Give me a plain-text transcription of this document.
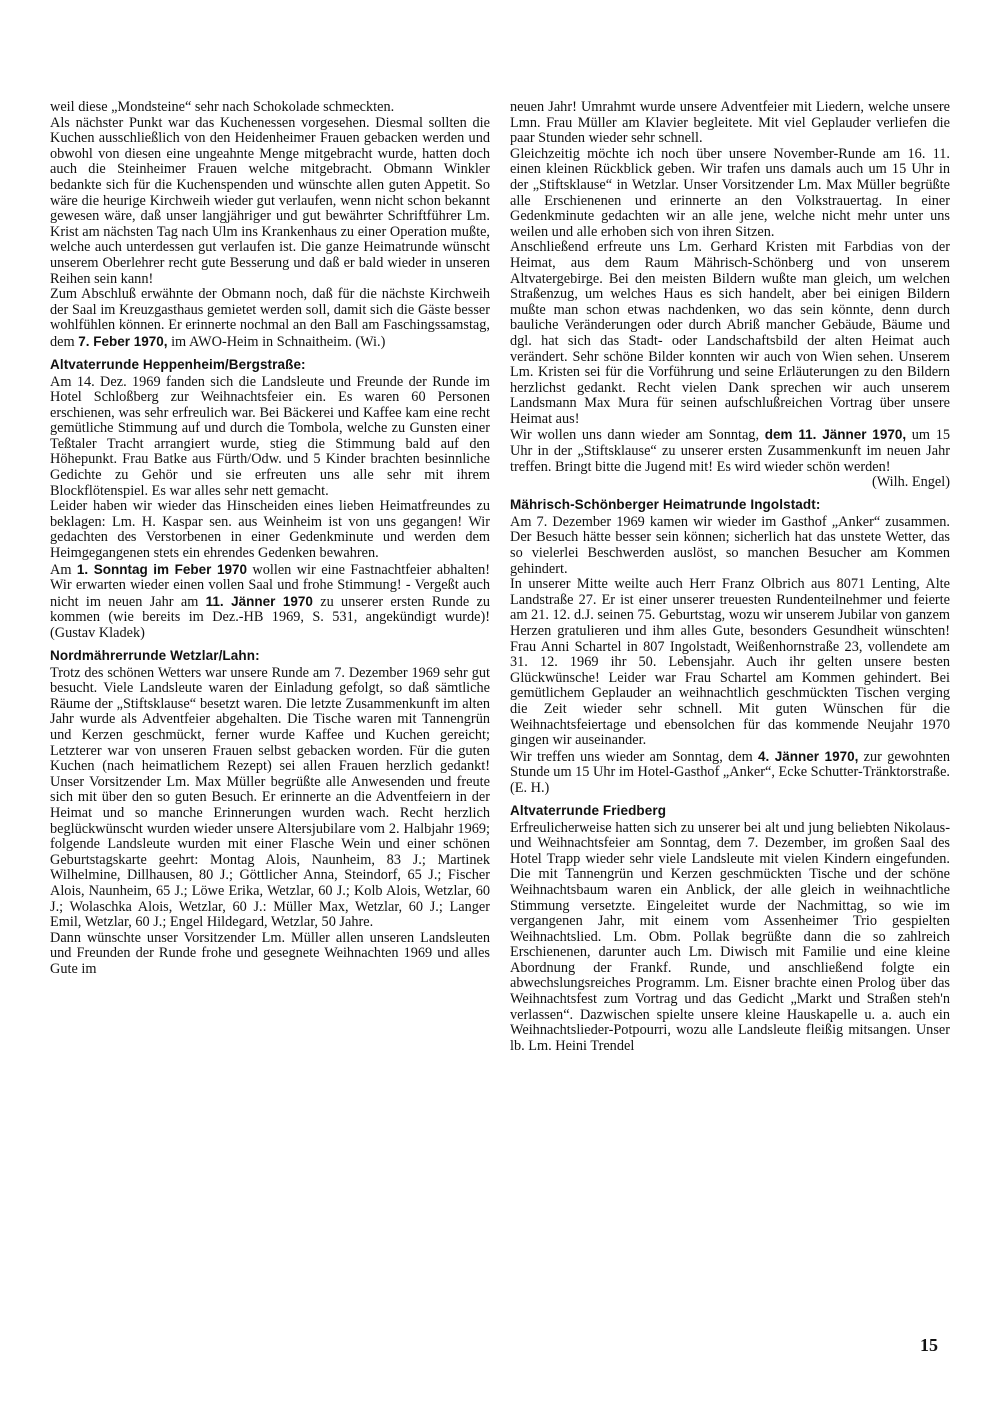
weil diese „Mondsteine“ sehr nach Schokolade schmeckten.

Als nächster Punkt war das Kuchenessen vorgesehen. Diesmal sollten die Kuchen ausschließlich von den Heidenheimer Frauen gebacken werden und obwohl von diesen eine ungeahnte Menge mitgebracht wurde, hatten doch auch die Steinheimer Frauen welche mitgebracht. Obmann Winkler bedankte sich für die Kuchenspenden und wünschte allen guten Appetit. So wäre die heurige Kirchweih wieder gut verlaufen, wenn nicht schon bekannt gewesen wäre, daß unser langjähriger und gut bewährter Schriftführer Lm. Krist am nächsten Tag nach Ulm ins Krankenhaus zu einer Operation mußte, welche auch unterdessen gut verlaufen ist. Die ganze Heimatrunde wünscht unserem Oberlehrer recht gute Besserung und daß er bald wieder in unseren Reihen sein kann!

Zum Abschluß erwähnte der Obmann noch, daß für die nächste Kirchweih der Saal im Kreuzgasthaus gemietet werden soll, damit sich die Gäste besser wohlfühlen können. Er erinnerte nochmal an den Ball am Faschingssamstag, dem 7. Feber 1970, im AWO-Heim in Schnaitheim. (Wi.)

Altvaterrunde Heppenheim/Bergstraße:

Am 14. Dez. 1969 fanden sich die Landsleute und Freunde der Runde im Hotel Schloßberg zur Weihnachtsfeier ein. Es waren 60 Personen erschienen, was sehr erfreulich war. Bei Bäckerei und Kaffee kam eine recht gemütliche Stimmung auf und durch die Tombola, welche zu Gunsten einer Teßtaler Tracht arrangiert wurde, stieg die Stimmung bald auf den Höhepunkt. Frau Batke aus Fürth/Odw. und 5 Kinder brachten besinnliche Gedichte zu Gehör und sie erfreuten uns alle sehr mit ihrem Blockflötenspiel. Es war alles sehr nett gemacht.

Leider haben wir wieder das Hinscheiden eines lieben Heimatfreundes zu beklagen: Lm. H. Kaspar sen. aus Weinheim ist von uns gegangen! Wir gedachten des Verstorbenen in einer Gedenkminute und werden dem Heimgegangenen stets ein ehrendes Gedenken bewahren.

Am 1. Sonntag im Feber 1970 wollen wir eine Fastnachtfeier abhalten! Wir erwarten wieder einen vollen Saal und frohe Stimmung! - Vergeßt auch nicht im neuen Jahr am 11. Jänner 1970 zu unserer ersten Runde zu kommen (wie bereits im Dez.-HB 1969, S. 531, angekündigt wurde)! (Gustav Kladek)

Nordmährerrunde Wetzlar/Lahn:

Trotz des schönen Wetters war unsere Runde am 7. Dezember 1969 sehr gut besucht. Viele Landsleute waren der Einladung gefolgt, so daß sämtliche Räume der „Stiftsklause“ besetzt waren. Die letzte Zusammenkunft im alten Jahr wurde als Adventfeier abgehalten. Die Tische waren mit Tannengrün und Kerzen geschmückt, ferner wurde Kaffee und Kuchen gereicht; Letzterer war von unseren Frauen selbst gebacken worden. Für die guten Kuchen (nach heimatlichem Rezept) sei allen Frauen herzlich gedankt! Unser Vorsitzender Lm. Max Müller begrüßte alle Anwesenden und freute sich mit über den so guten Besuch. Er erinnerte an die Adventfeiern in der Heimat und so manche Erinnerungen wurden wach. Recht herzlich beglückwünscht wurden wieder unsere Altersjubilare vom 2. Halbjahr 1969; folgende Landsleute wurden mit einer Flasche Wein und einer schönen Geburtstagskarte geehrt: Montag Alois, Naunheim, 83 J.; Martinek Wilhelmine, Dillhausen, 80 J.; Göttlicher Anna, Steindorf, 65 J.; Fischer Alois, Naunheim, 65 J.; Löwe Erika, Wetzlar, 60 J.; Kolb Alois, Wetzlar, 60 J.; Wolaschka Alois, Wetzlar, 60 J.: Müller Max, Wetzlar, 60 J.; Langer Emil, Wetzlar, 60 J.; Engel Hildegard, Wetzlar, 50 Jahre.

Dann wünschte unser Vorsitzender Lm. Müller allen unseren Landsleuten und Freunden der Runde frohe und gesegnete Weihnachten 1969 und alles Gute im

neuen Jahr! Umrahmt wurde unsere Adventfeier mit Liedern, welche unsere Lmn. Frau Müller am Klavier begleitete. Mit viel Geplauder verliefen die paar Stunden wieder sehr schnell.

Gleichzeitig möchte ich noch über unsere November-Runde am 16. 11. einen kleinen Rückblick geben. Wir trafen uns damals auch um 15 Uhr in der „Stiftsklause“ in Wetzlar. Unser Vorsitzender Lm. Max Müller begrüßte alle Erschienenen und erinnerte an den Volkstrauertag. In einer Gedenkminute gedachten wir an alle jene, welche nicht mehr unter uns weilen und alle erhoben sich von ihren Sitzen.

Anschließend erfreute uns Lm. Gerhard Kristen mit Farbdias von der Heimat, aus dem Raum Mährisch-Schönberg und von unserem Altvatergebirge. Bei den meisten Bildern wußte man gleich, um welchen Straßenzug, um welches Haus es sich handelt, aber bei einigen Bildern mußte man schon etwas nachdenken, wo das sein könnte, denn durch bauliche Veränderungen oder durch Abriß mancher Gebäude, Bäume und dgl. hat sich das Stadt- oder Landschaftsbild der alten Heimat auch verändert. Sehr schöne Bilder konnten wir auch von Wien sehen. Unserem Lm. Kristen sei für die Vorführung und seine Erläuterungen zu den Bildern herzlichst gedankt. Recht vielen Dank sprechen wir auch unserem Landsmann Max Mura für seinen aufschlußreichen Vortrag über unsere Heimat aus!

Wir wollen uns dann wieder am Sonntag, dem 11. Jänner 1970, um 15 Uhr in der „Stiftsklause“ zu unserer ersten Zusammenkunft im neuen Jahr treffen. Bringt bitte die Jugend mit! Es wird wieder schön werden!
(Wilh. Engel)

Mährisch-Schönberger Heimatrunde Ingolstadt:

Am 7. Dezember 1969 kamen wir wieder im Gasthof „Anker“ zusammen. Der Besuch hätte besser sein können; sicherlich hat das unstete Wetter, das so vielerlei Beschwerden auslöst, so manchen Besucher am Kommen gehindert.

In unserer Mitte weilte auch Herr Franz Olbrich aus 8071 Lenting, Alte Landstraße 27. Er ist einer unserer treuesten Rundenteilnehmer und feierte am 21. 12. d.J. seinen 75. Geburtstag, wozu wir unserem Jubilar von ganzem Herzen gratulieren und ihm alles Gute, besonders Gesundheit wünschten! Frau Anni Schartel in 807 Ingolstadt, Weißenhornstraße 23, vollendete am 31. 12. 1969 ihr 50. Lebensjahr. Auch ihr gelten unsere besten Glückwünsche! Leider war Frau Schartel am Kommen gehindert. Bei gemütlichem Geplauder an weihnachtlich geschmückten Tischen verging die Zeit wieder sehr schnell. Mit guten Wünschen für die Weihnachtsfeiertage und ebensolchen für das kommende Neujahr 1970 gingen wir auseinander.

Wir treffen uns wieder am Sonntag, dem 4. Jänner 1970, zur gewohnten Stunde um 15 Uhr im Hotel-Gasthof „Anker“, Ecke Schutter-Tränktorstraße. (E. H.)

Altvaterrunde Friedberg

Erfreulicherweise hatten sich zu unserer bei alt und jung beliebten Nikolaus- und Weihnachtsfeier am Sonntag, dem 7. Dezember, im großen Saal des Hotel Trapp wieder sehr viele Landsleute mit vielen Kindern eingefunden. Die mit Tannengrün und Kerzen geschmückten Tische und der schöne Weihnachtsbaum waren ein Anblick, der alle gleich in weihnachtliche Stimmung versetzte. Eingeleitet wurde der Nachmittag, so wie im vergangenen Jahr, mit einem vom Assenheimer Trio gespielten Weihnachtslied. Lm. Obm. Pollak begrüßte dann die so zahlreich Erschienenen, darunter auch Lm. Diwisch mit Familie und eine kleine Abordnung der Frankf. Runde, und anschließend folgte ein abwechslungsreiches Programm. Lm. Eisner brachte einen Prolog über das Weihnachtsfest zum Vortrag und das Gedicht „Markt und Straßen steh'n verlassen“. Dazwischen spielte unsere kleine Hauskapelle u. a. auch ein Weihnachtslieder-Potpourri, wozu alle Landsleute fleißig mitsangen. Unser lb. Lm. Heini Trendel

15
